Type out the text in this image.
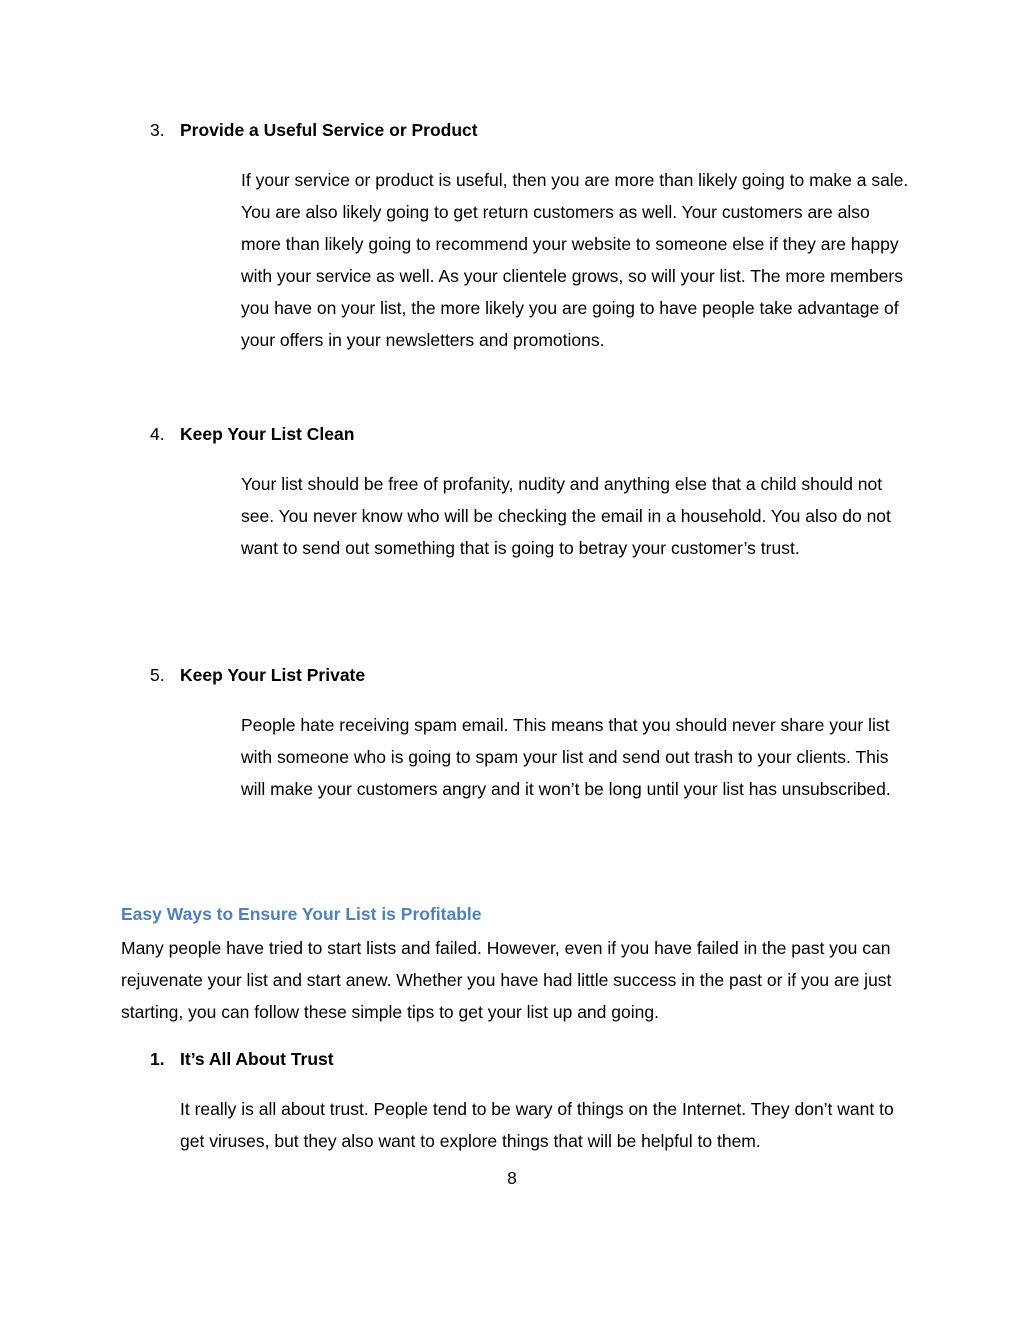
3. Provide a Useful Service or Product
If your service or product is useful, then you are more than likely going to make a sale. You are also likely going to get return customers as well. Your customers are also more than likely going to recommend your website to someone else if they are happy with your service as well. As your clientele grows, so will your list. The more members you have on your list, the more likely you are going to have people take advantage of your offers in your newsletters and promotions.
4. Keep Your List Clean
Your list should be free of profanity, nudity and anything else that a child should not see. You never know who will be checking the email in a household. You also do not want to send out something that is going to betray your customer’s trust.
5. Keep Your List Private
People hate receiving spam email. This means that you should never share your list with someone who is going to spam your list and send out trash to your clients. This will make your customers angry and it won’t be long until your list has unsubscribed.
Easy Ways to Ensure Your List is Profitable
Many people have tried to start lists and failed. However, even if you have failed in the past you can rejuvenate your list and start anew. Whether you have had little success in the past or if you are just starting, you can follow these simple tips to get your list up and going.
1. It’s All About Trust
It really is all about trust. People tend to be wary of things on the Internet. They don’t want to get viruses, but they also want to explore things that will be helpful to them.
8
